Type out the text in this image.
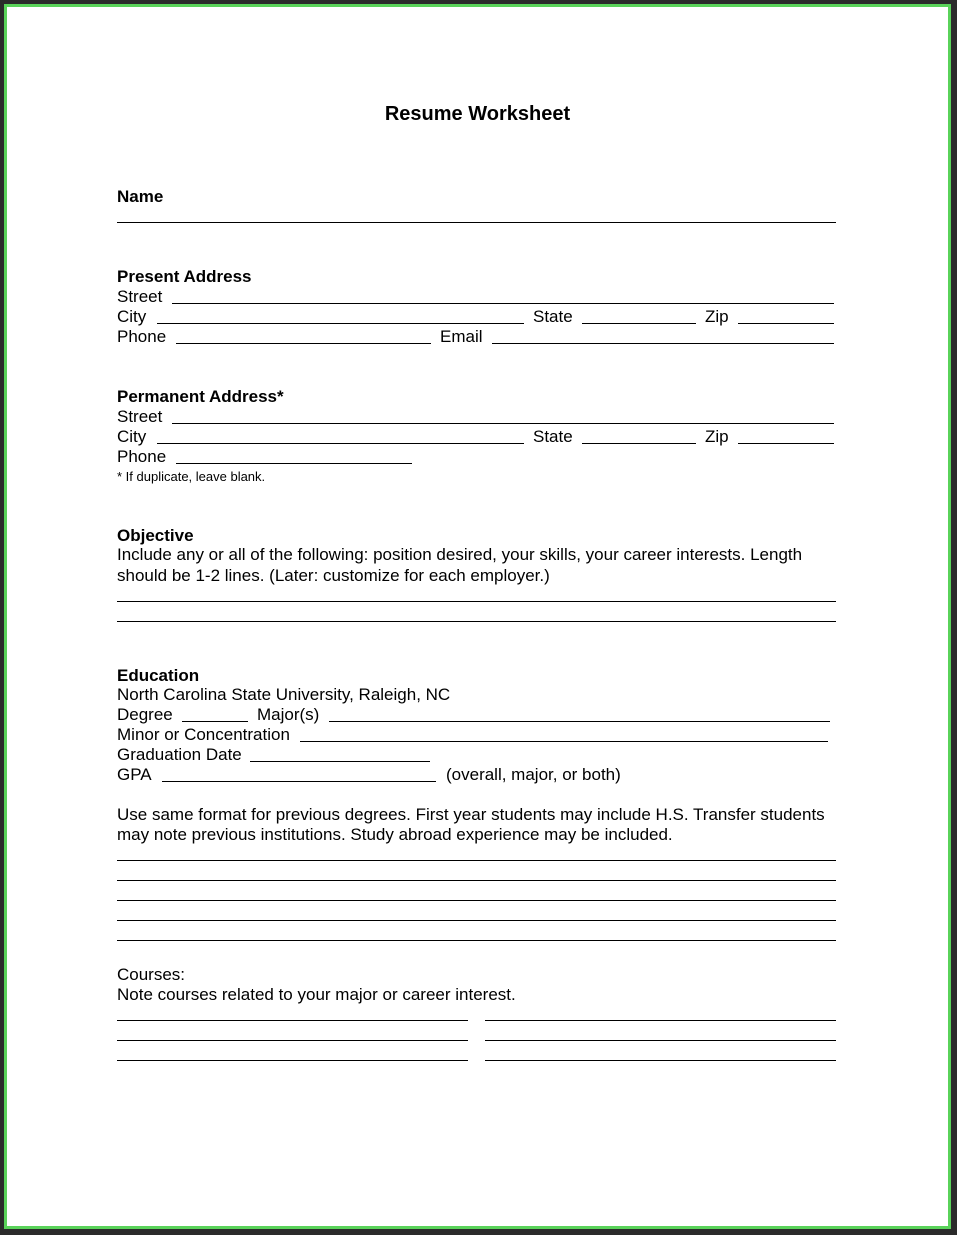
Resume Worksheet
Name
Present Address
Street
City	State	Zip
Phone	Email
Permanent Address*
Street
City	State	Zip
Phone
* If duplicate, leave blank.
Objective
Include any or all of the following: position desired, your skills, your career interests. Length
should be 1-2 lines. (Later: customize for each employer.)
Education
North Carolina State University, Raleigh, NC
Degree	Major(s)
Minor or Concentration
Graduation Date
GPA	(overall, major, or both)
Use same format for previous degrees. First year students may include H.S. Transfer students
may note previous institutions. Study abroad experience may be included.
Courses:
Note courses related to your major or career interest.
